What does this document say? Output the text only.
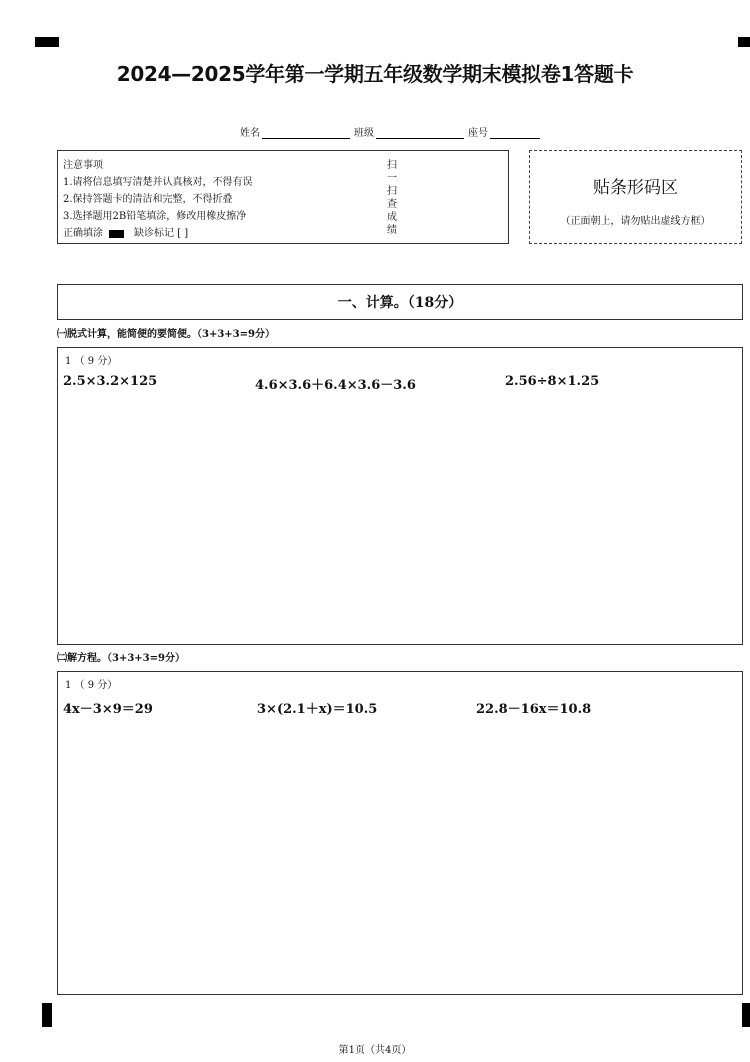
2024—2025学年第一学期五年级数学期末模拟卷1答题卡
姓名	班级	座号
注意事项
1.请将信息填写清楚并认真核对，不得有误
2.保持答题卡的清洁和完整，不得折叠
3.选择题用2B铅笔填涂，修改用橡皮擦净
正确填涂	缺诊标记 [ ]
扫
一
扫
查
成
绩
贴条形码区
（正面朝上，请勿贴出虚线方框）
一、计算。（18分）
㈠脱式计算，能简便的要简便。（3+3+3=9分）
1 （ 9 分）
2.5×3.2×125	4.6×3.6＋6.4×3.6－3.6	2.56÷8×1.25
㈡解方程。（3+3+3=9分）
1 （ 9 分）
4x－3×9＝29	3×(2.1＋x)＝10.5	22.8－16x＝10.8
第1页（共4页）
